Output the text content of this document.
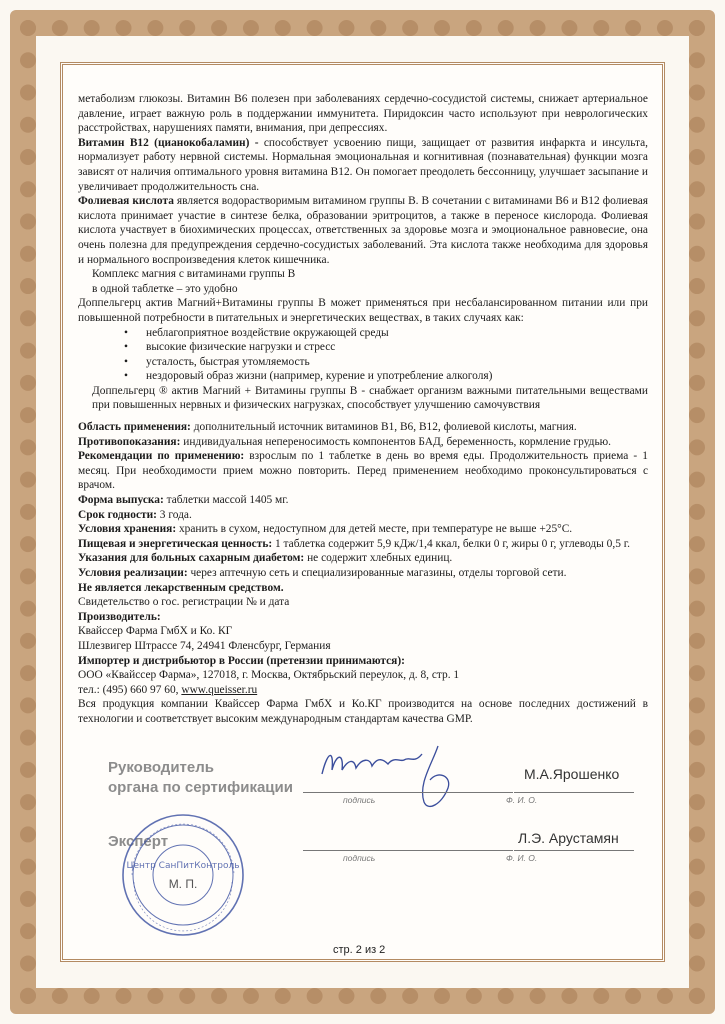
метаболизм глюкозы. Витамин В6 полезен при заболеваниях сердечно-сосудистой системы, снижает артериальное давление, играет важную роль в поддержании иммунитета. Пиридоксин часто используют при неврологических расстройствах, нарушениях памяти, внимания, при депрессиях.

Витамин В12 (цианокобаламин) - способствует усвоению пищи, защищает от развития инфаркта и инсульта, нормализует работу нервной системы. Нормальная эмоциональная и когнитивная (познавательная) функции мозга зависят от наличия оптимального уровня витамина В12. Он помогает преодолеть бессонницу, улучшает засыпание и увеличивает продолжительность сна.

Фолиевая кислота является водорастворимым витамином группы В. В сочетании с витаминами В6 и В12 фолиевая кислота принимает участие в синтезе белка, образовании эритроцитов, а также в переносе кислорода. Фолиевая кислота участвует в биохимических процессах, ответственных за здоровье мозга и эмоциональное равновесие, она очень полезна для предупреждения сердечно-сосудистых заболеваний. Эта кислота также необходима для здоровья и нормального воспроизведения клеток кишечника.

Комплекс магния с витаминами группы В

в одной таблетке – это удобно

Доппельгерц актив Магний+Витамины группы В может применяться при несбалансированном питании или при повышенной потребности в питательных и энергетических веществах, в таких случаях как:

• неблагоприятное воздействие окружающей среды
• высокие физические нагрузки и стресс
• усталость, быстрая утомляемость
• нездоровый образ жизни (например, курение и употребление алкоголя)

Доппельгерц ® актив Магний + Витамины группы В - снабжает организм важными питательными веществами при повышенных нервных и физических нагрузках, способствует улучшению самочувствия

Область применения: дополнительный источник витаминов В1, В6, В12, фолиевой кислоты, магния.

Противопоказания: индивидуальная непереносимость компонентов БАД, беременность, кормление грудью.

Рекомендации по применению: взрослым по 1 таблетке в день во время еды. Продолжительность приема - 1 месяц. При необходимости прием можно повторить. Перед применением необходимо проконсультироваться с врачом.

Форма выпуска: таблетки массой 1405 мг.

Срок годности: 3 года.

Условия хранения: хранить в сухом, недоступном для детей месте, при температуре не выше +25°С.

Пищевая и энергетическая ценность: 1 таблетка содержит 5,9 кДж/1,4 ккал, белки 0 г, жиры 0 г, углеводы 0,5 г.

Указания для больных сахарным диабетом: не содержит хлебных единиц.

Условия реализации: через аптечную сеть и специализированные магазины, отделы торговой сети.

Не является лекарственным средством.

Свидетельство о гос. регистрации № и дата

Производитель:

Квайссер Фарма ГмбХ и Ко. КГ

Шлезвигер Штрассе 74, 24941 Фленсбург, Германия

Импортер и дистрибьютор в России (претензии принимаются):

ООО «Квайссер Фарма», 127018, г. Москва, Октябрьский переулок, д. 8, стр. 1

тел.: (495) 660 97 60, www.queisser.ru

Вся продукция компании Квайссер Фарма ГмбХ и Ко.КГ производится на основе последних достижений в технологии и соответствует высоким международным стандартам качества GMP.

Руководитель
органа по сертификации
подпись
М.А.Ярошенко
Ф. И. О.
Эксперт
подпись
Л.Э. Арустамян
Ф. И. О.
Центр СанПитКонтроль
М. П.
стр. 2 из 2
